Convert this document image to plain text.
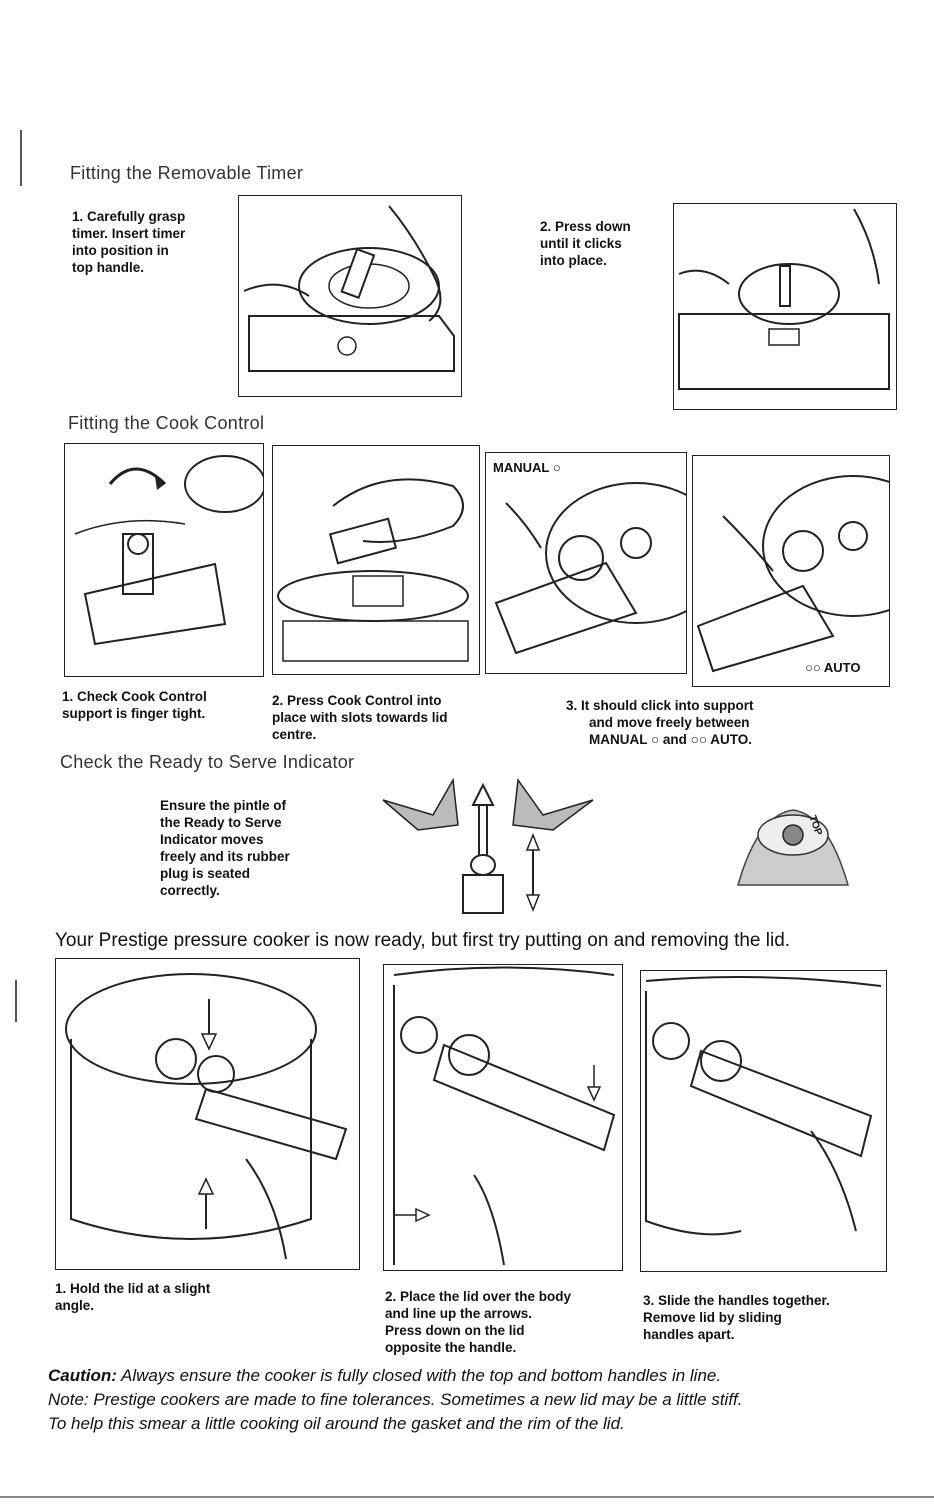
Fitting the Removable Timer
1. Carefully grasp
timer. Insert timer
into position in
top handle.
2. Press down
until it clicks
into place.
Fitting the Cook Control
MANUAL ○
○○ AUTO
1. Check Cook Control
support is finger tight.
2. Press Cook Control into
place with slots towards lid
centre.
3. It should click into support
and move freely between
MANUAL ○ and ○○ AUTO.
Check the Ready to Serve Indicator
Ensure the pintle of
the Ready to Serve
Indicator moves
freely and its rubber
plug is seated
correctly.
TOP
Your Prestige pressure cooker is now ready, but first try putting on and removing the lid.
1. Hold the lid at a slight
angle.
2. Place the lid over the body
and line up the arrows.
Press down on the lid
opposite the handle.
3. Slide the handles together.
Remove lid by sliding
handles apart.
Caution: Always ensure the cooker is fully closed with the top and bottom handles in line.
Note: Prestige cookers are made to fine tolerances. Sometimes a new lid may be a little stiff.
To help this smear a little cooking oil around the gasket and the rim of the lid.
